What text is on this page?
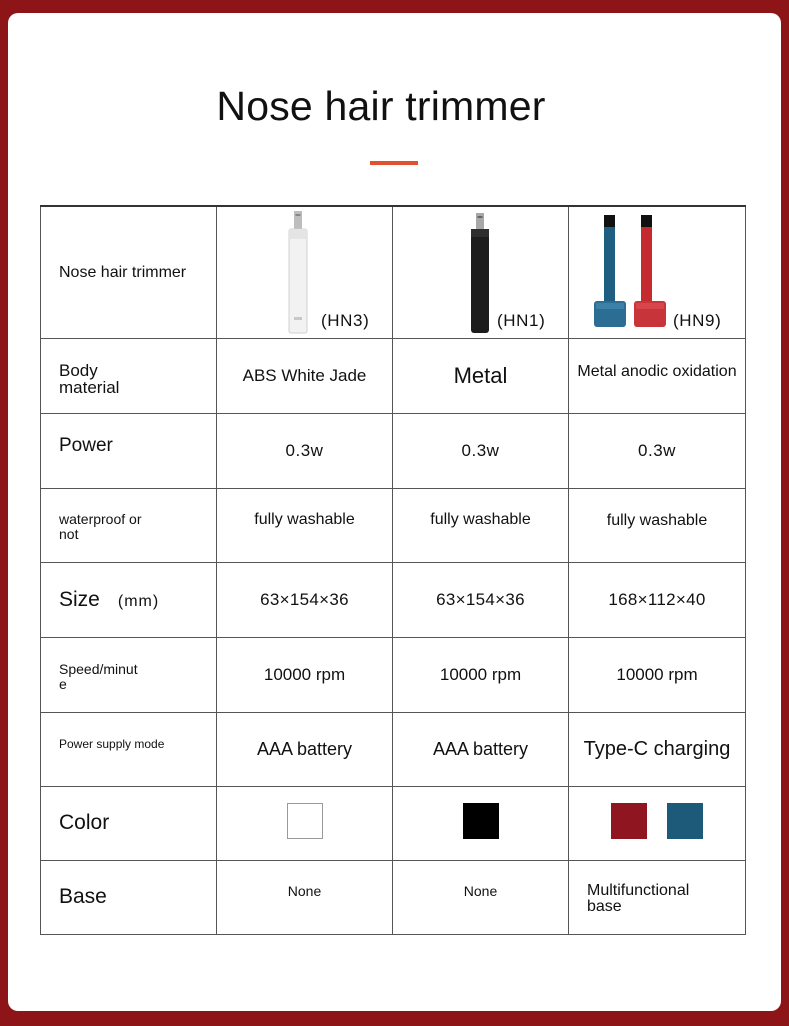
Nose hair trimmer
Nose hair trimmer	(HN3)	(HN1)	(HN9)

Body
material	ABS White Jade	Metal	Metal anodic oxidation

Power	0.3w	0.3w	0.3w

waterproof or
not	fully washable	fully washable	fully washable
Size (mm)	63×154×36	63×154×36	168×112×40

Speed/minut
e	10000 rpm	10000 rpm	10000 rpm

Power supply mode	AAA battery	AAA battery	Type-C charging

Color			

Base	None	None	Multifunctional
base
